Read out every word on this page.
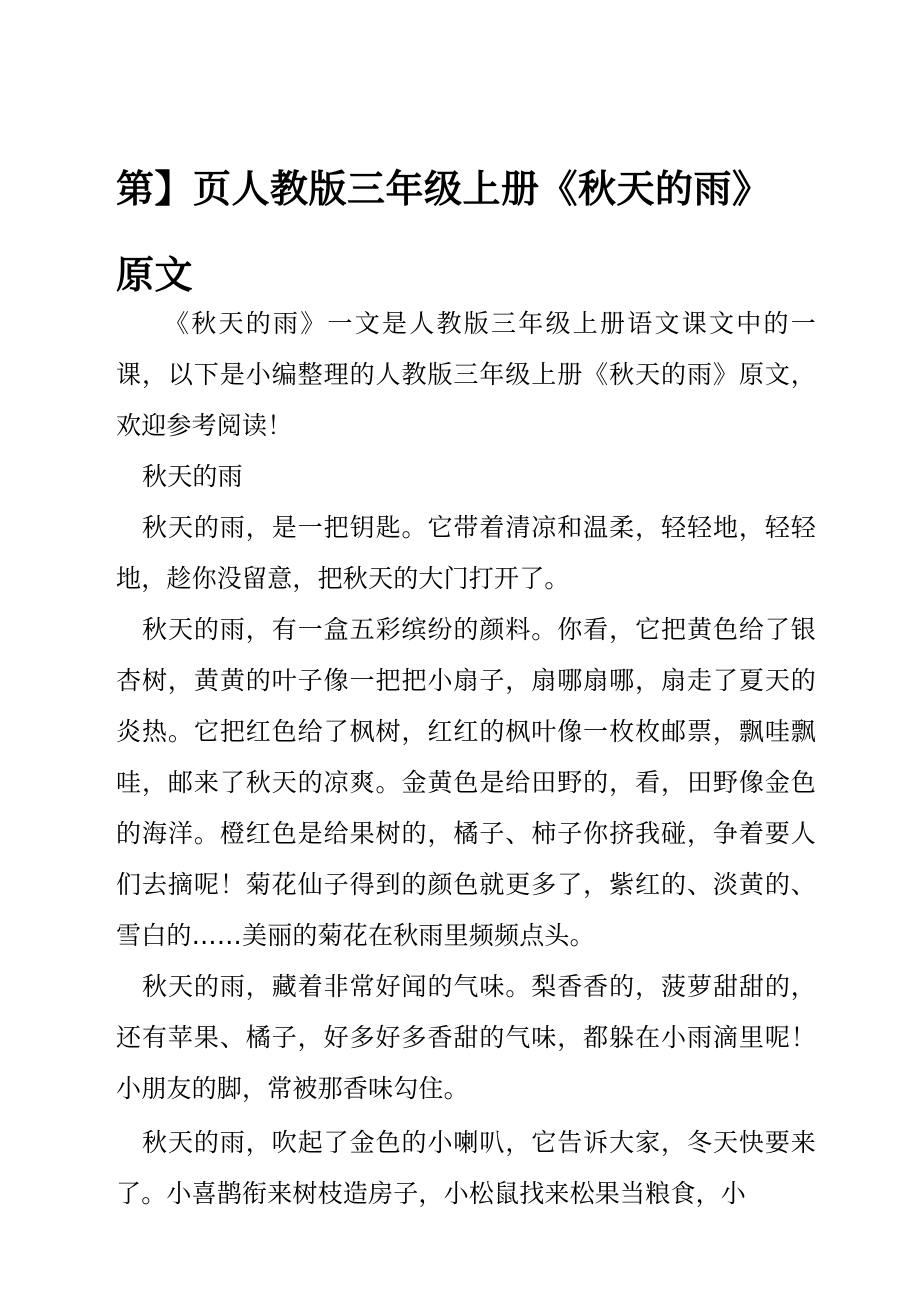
第】页人教版三年级上册《秋天的雨》原文

《秋天的雨》一文是人教版三年级上册语文课文中的一课，以下是小编整理的人教版三年级上册《秋天的雨》原文，欢迎参考阅读！

秋天的雨

秋天的雨，是一把钥匙。它带着清凉和温柔，轻轻地，轻轻地，趁你没留意，把秋天的大门打开了。

秋天的雨，有一盒五彩缤纷的颜料。你看，它把黄色给了银杏树，黄黄的叶子像一把把小扇子，扇哪扇哪，扇走了夏天的炎热。它把红色给了枫树，红红的枫叶像一枚枚邮票，飘哇飘哇，邮来了秋天的凉爽。金黄色是给田野的，看，田野像金色的海洋。橙红色是给果树的，橘子、柿子你挤我碰，争着要人们去摘呢！菊花仙子得到的颜色就更多了，紫红的、淡黄的、雪白的……美丽的菊花在秋雨里频频点头。

秋天的雨，藏着非常好闻的气味。梨香香的，菠萝甜甜的，还有苹果、橘子，好多好多香甜的气味，都躲在小雨滴里呢！小朋友的脚，常被那香味勾住。

秋天的雨，吹起了金色的小喇叭，它告诉大家，冬天快要来了。小喜鹊衔来树枝造房子，小松鼠找来松果当粮食，小
